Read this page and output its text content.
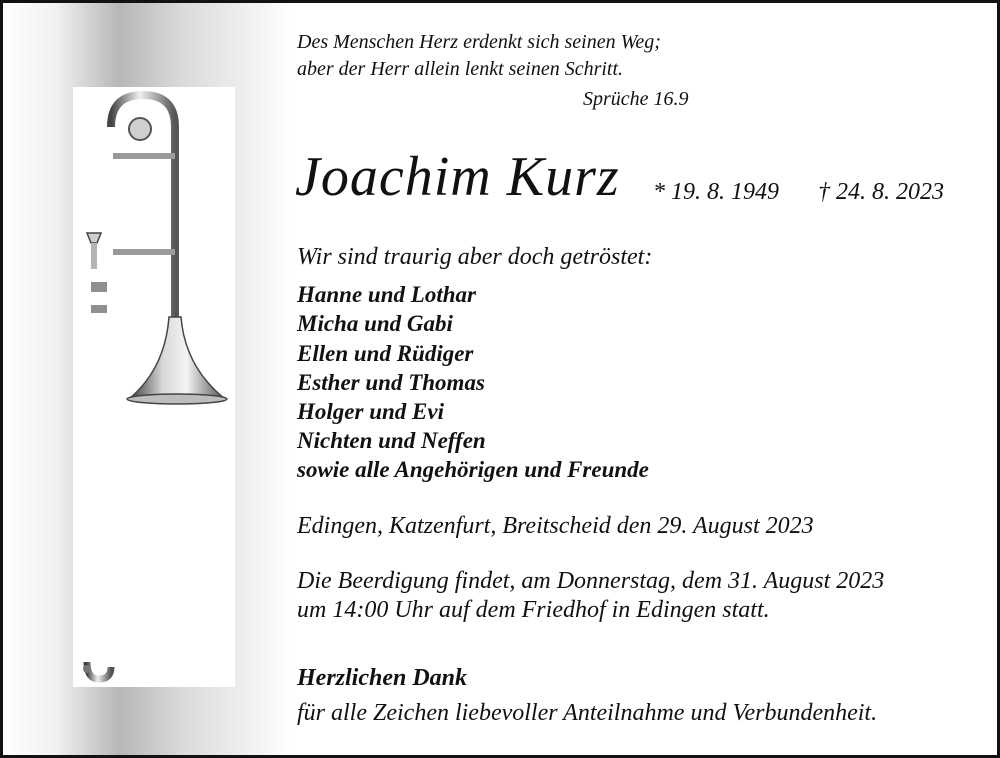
Des Menschen Herz erdenkt sich seinen Weg;

aber der Herr allein lenkt seinen Schritt.

Sprüche 16.9

Joachim Kurz * 19. 8. 1949 † 24. 8. 2023

Wir sind traurig aber doch getröstet:

Hanne und Lothar

Micha und Gabi

Ellen und Rüdiger

Esther und Thomas

Holger und Evi

Nichten und Neffen

sowie alle Angehörigen und Freunde

Edingen, Katzenfurt, Breitscheid den 29. August 2023

Die Beerdigung findet, am Donnerstag, dem 31. August 2023

um 14:00 Uhr auf dem Friedhof in Edingen statt.

Herzlichen Dank

für alle Zeichen liebevoller Anteilnahme und Verbundenheit.
